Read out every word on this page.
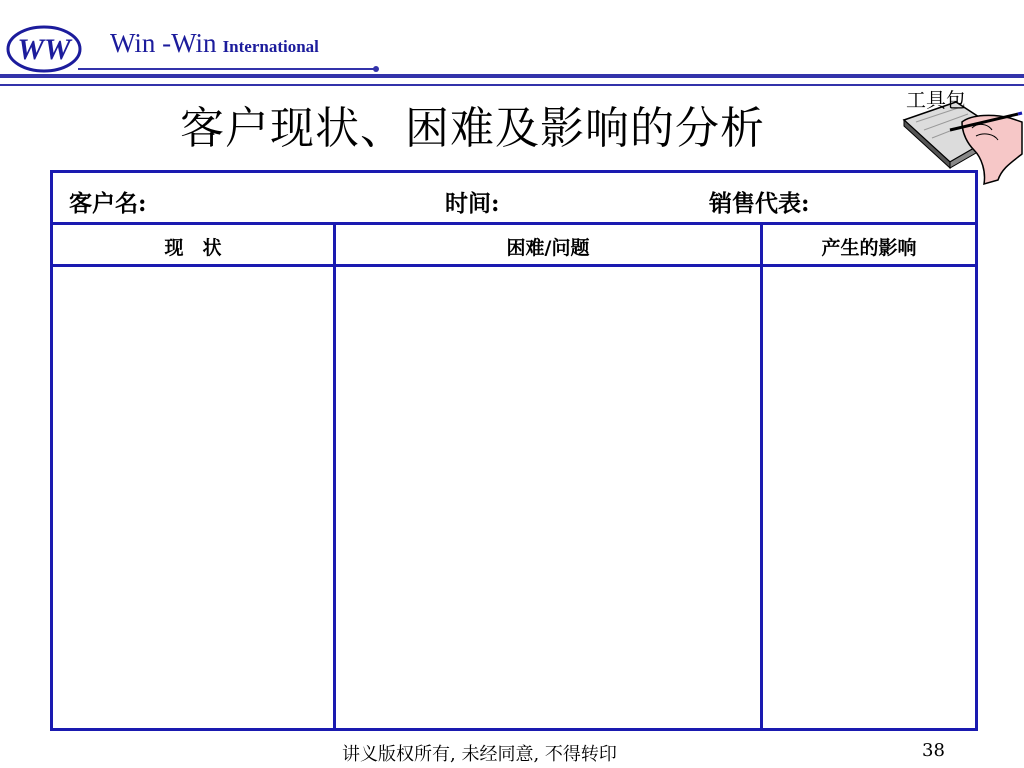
WW Win -Win International
客户现状、困难及影响的分析
工具包
客户名:	时间:	销售代表:
现　状	困难/问题	产生的影响
讲义版权所有, 未经同意, 不得转印	38
